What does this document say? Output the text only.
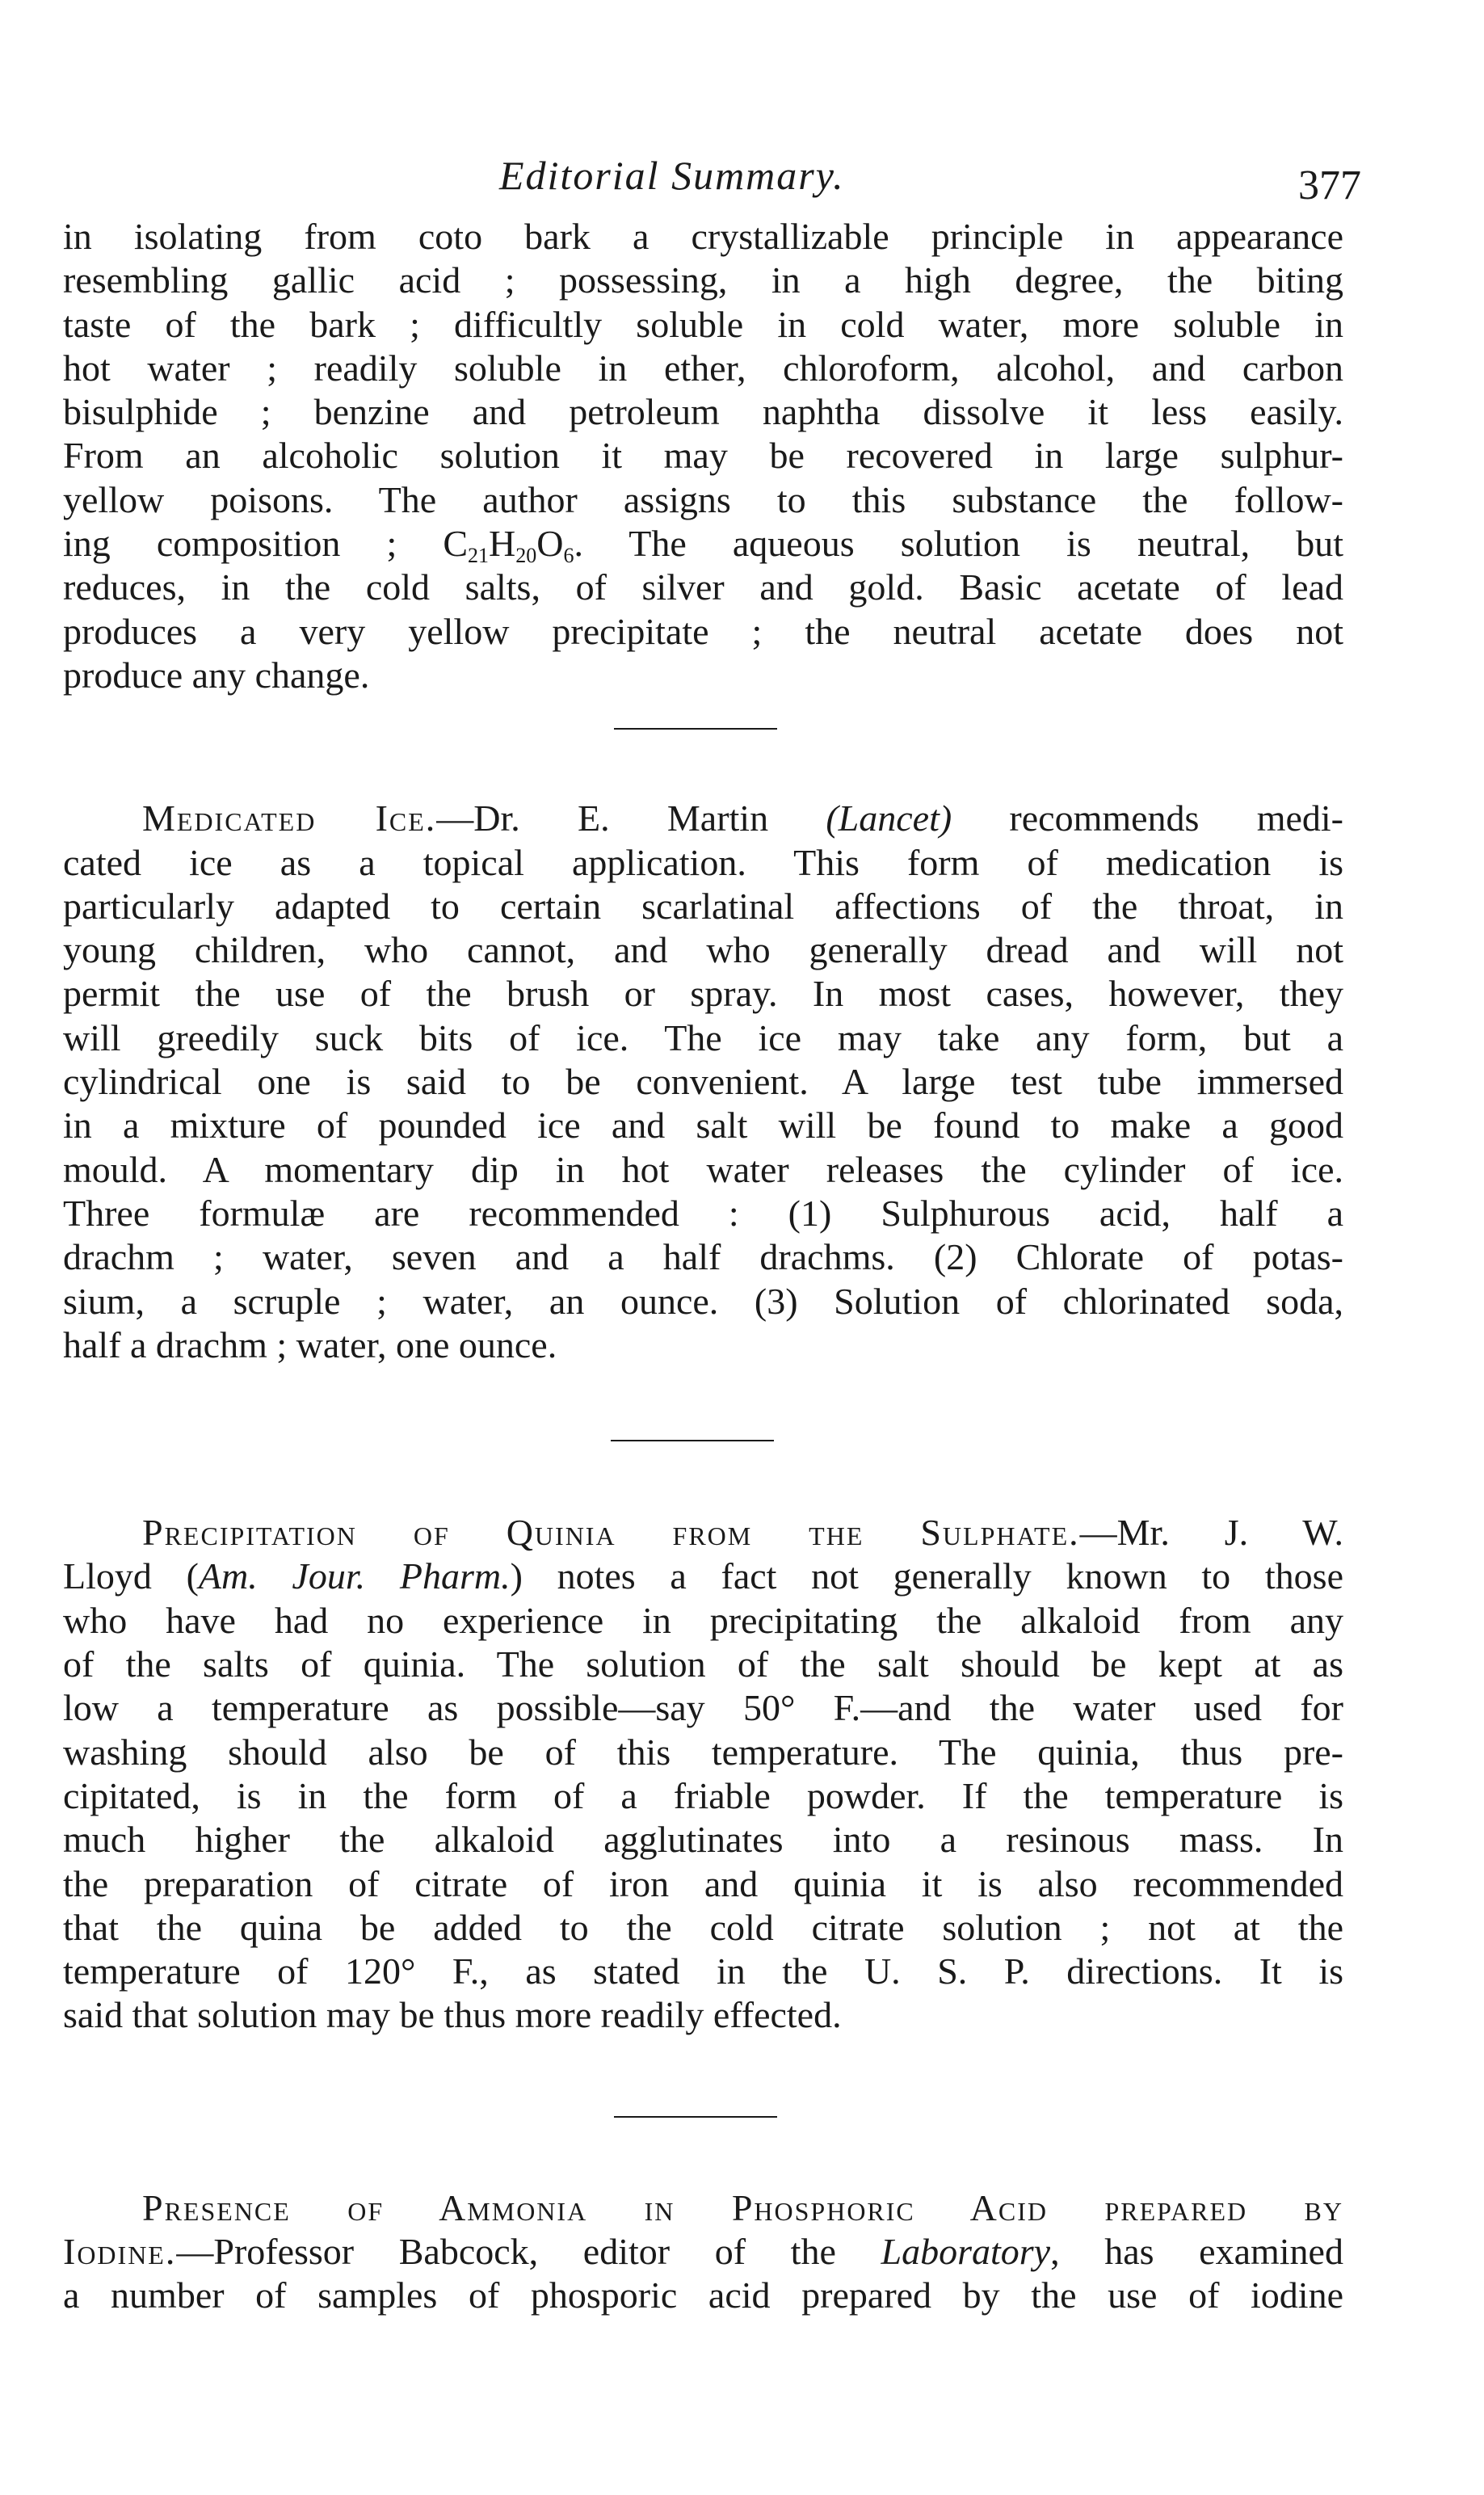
Editorial Summary.	377
in isolating from coto bark a crystallizable principle in appearance
resembling gallic acid ; possessing, in a high degree, the biting
taste of the bark ; difficultly soluble in cold water, more soluble in
hot water ; readily soluble in ether, chloroform, alcohol, and carbon
bisulphide ; benzine and petroleum naphtha dissolve it less easily.
From an alcoholic solution it may be recovered in large sulphur-
yellow poisons. The author assigns to this substance the follow-
ing composition ; $C_{21}H_{20}O_6$. The aqueous solution is neutral, but
reduces, in the cold salts, of silver and gold. Basic acetate of lead
produces a very yellow precipitate ; the neutral acetate does not
produce any change.
Medicated Ice.—Dr. E. Martin (Lancet) recommends medi-
cated ice as a topical application. This form of medication is
particularly adapted to certain scarlatinal affections of the throat, in
young children, who cannot, and who generally dread and will not
permit the use of the brush or spray. In most cases, however, they
will greedily suck bits of ice. The ice may take any form, but a
cylindrical one is said to be convenient. A large test tube immersed
in a mixture of pounded ice and salt will be found to make a good
mould. A momentary dip in hot water releases the cylinder of ice.
Three formulæ are recommended : (1) Sulphurous acid, half a
drachm ; water, seven and a half drachms. (2) Chlorate of potas-
sium, a scruple ; water, an ounce. (3) Solution of chlorinated soda,
half a drachm ; water, one ounce.
Precipitation of Quinia from the Sulphate.—Mr. J. W.
Lloyd (Am. Jour. Pharm.) notes a fact not generally known to those
who have had no experience in precipitating the alkaloid from any
of the salts of quinia. The solution of the salt should be kept at as
low a temperature as possible—say 50° F.—and the water used for
washing should also be of this temperature. The quinia, thus pre-
cipitated, is in the form of a friable powder. If the temperature is
much higher the alkaloid agglutinates into a resinous mass. In
the preparation of citrate of iron and quinia it is also recommended
that the quina be added to the cold citrate solution ; not at the
temperature of 120° F., as stated in the U. S. P. directions. It is
said that solution may be thus more readily effected.
Presence of Ammonia in Phosphoric Acid prepared by
Iodine.—Professor Babcock, editor of the Laboratory, has examined
a number of samples of phosporic acid prepared by the use of iodine
